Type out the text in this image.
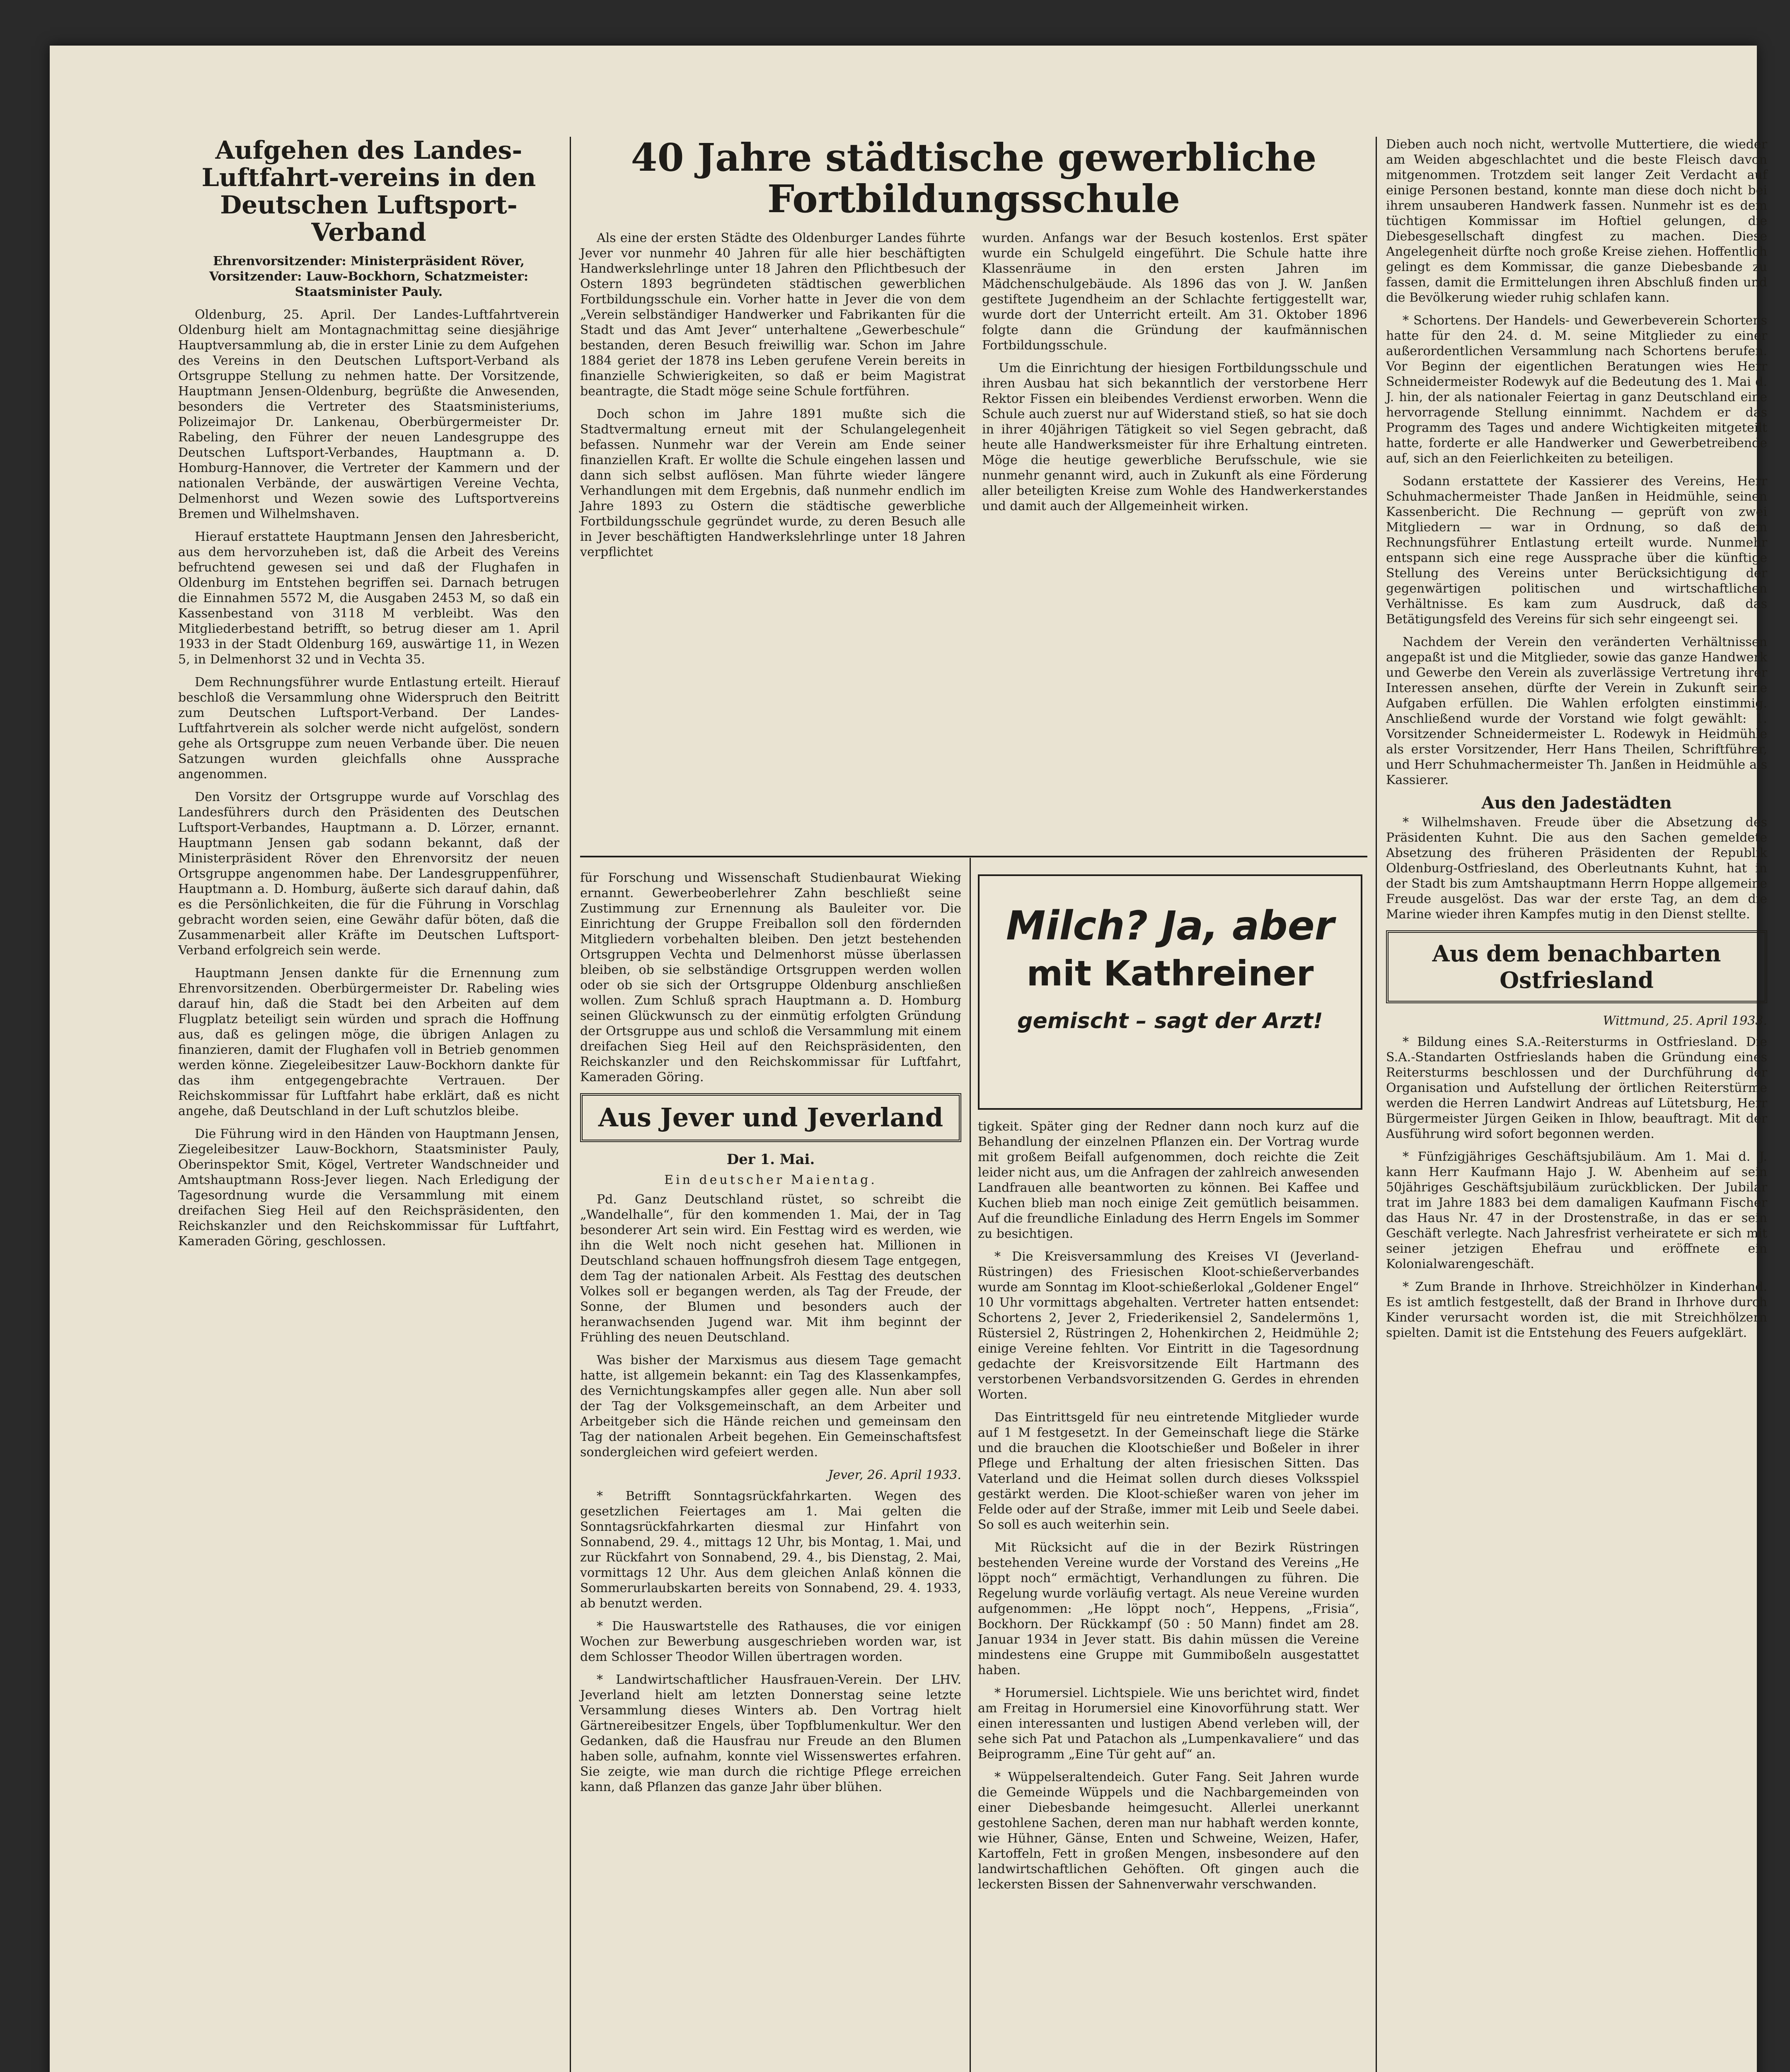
Aufgehen des Landes-Luftfahrt-vereins in den Deutschen Luftsport-Verband

Ehrenvorsitzender: Ministerpräsident Röver, Vorsitzender: Lauw-Bockhorn, Schatzmeister: Staatsminister Pauly.

Oldenburg, 25. April. Der Landes-Luftfahrtverein Oldenburg hielt am Montagnachmittag seine diesjährige Hauptversammlung ab, die in erster Linie zu dem Aufgehen des Vereins in den Deutschen Luftsport-Verband als Ortsgruppe Stellung zu nehmen hatte. Der Vorsitzende, Hauptmann Jensen-Oldenburg, begrüßte die Anwesenden, besonders die Vertreter des Staatsministeriums, Polizeimajor Dr. Lankenau, Oberbürgermeister Dr. Rabeling, den Führer der neuen Landesgruppe des Deutschen Luftsport-Verbandes, Hauptmann a. D. Homburg-Hannover, die Vertreter der Kammern und der nationalen Verbände, der auswärtigen Vereine Vechta, Delmenhorst und Wezen sowie des Luftsportvereins Bremen und Wilhelmshaven.

Hierauf erstattete Hauptmann Jensen den Jahresbericht, aus dem hervorzuheben ist, daß die Arbeit des Vereins befruchtend gewesen sei und daß der Flughafen in Oldenburg im Entstehen begriffen sei. Darnach betrugen die Einnahmen 5572 M, die Ausgaben 2453 M, so daß ein Kassenbestand von 3118 M verbleibt. Was den Mitgliederbestand betrifft, so betrug dieser am 1. April 1933 in der Stadt Oldenburg 169, auswärtige 11, in Wezen 5, in Delmenhorst 32 und in Vechta 35.

Dem Rechnungsführer wurde Entlastung erteilt. Hierauf beschloß die Versammlung ohne Widerspruch den Beitritt zum Deutschen Luftsport-Verband. Der Landes-Luftfahrtverein als solcher werde nicht aufgelöst, sondern gehe als Ortsgruppe zum neuen Verbande über. Die neuen Satzungen wurden gleichfalls ohne Aussprache angenommen.

Den Vorsitz der Ortsgruppe wurde auf Vorschlag des Landesführers durch den Präsidenten des Deutschen Luftsport-Verbandes, Hauptmann a. D. Lörzer, ernannt. Hauptmann Jensen gab sodann bekannt, daß der Ministerpräsident Röver den Ehrenvorsitz der neuen Ortsgruppe angenommen habe. Der Landesgruppenführer, Hauptmann a. D. Homburg, äußerte sich darauf dahin, daß es die Persönlichkeiten, die für die Führung in Vorschlag gebracht worden seien, eine Gewähr dafür böten, daß die Zusammenarbeit aller Kräfte im Deutschen Luftsport-Verband erfolgreich sein werde.

Hauptmann Jensen dankte für die Ernennung zum Ehrenvorsitzenden. Oberbürgermeister Dr. Rabeling wies darauf hin, daß die Stadt bei den Arbeiten auf dem Flugplatz beteiligt sein würden und sprach die Hoffnung aus, daß es gelingen möge, die übrigen Anlagen zu finanzieren, damit der Flughafen voll in Betrieb genommen werden könne. Ziegeleibesitzer Lauw-Bockhorn dankte für das ihm entgegengebrachte Vertrauen. Der Reichskommissar für Luftfahrt habe erklärt, daß es nicht angehe, daß Deutschland in der Luft schutzlos bleibe.

Die Führung wird in den Händen von Hauptmann Jensen, Ziegeleibesitzer Lauw-Bockhorn, Staatsminister Pauly, Oberinspektor Smit, Kögel, Vertreter Wandschneider und Amtshauptmann Ross-Jever liegen. Nach Erledigung der Tagesordnung wurde die Versammlung mit einem dreifachen Sieg Heil auf den Reichspräsidenten, den Reichskanzler und den Reichskommissar für Luftfahrt, Kameraden Göring, geschlossen.

40 Jahre städtische gewerbliche Fortbildungsschule

Als eine der ersten Städte des Oldenburger Landes führte Jever vor nunmehr 40 Jahren für alle hier beschäftigten Handwerkslehrlinge unter 18 Jahren den Pflichtbesuch der Ostern 1893 begründeten städtischen gewerblichen Fortbildungsschule ein. Vorher hatte in Jever die von dem „Verein selbständiger Handwerker und Fabrikanten für die Stadt und das Amt Jever“ unterhaltene „Gewerbeschule“ bestanden, deren Besuch freiwillig war. Schon im Jahre 1884 geriet der 1878 ins Leben gerufene Verein bereits in finanzielle Schwierigkeiten, so daß er beim Magistrat beantragte, die Stadt möge seine Schule fortführen.

Doch schon im Jahre 1891 mußte sich die Stadtvermaltung erneut mit der Schulangelegenheit befassen. Nunmehr war der Verein am Ende seiner finanziellen Kraft. Er wollte die Schule eingehen lassen und dann sich selbst auflösen. Man führte wieder längere Verhandlungen mit dem Ergebnis, daß nunmehr endlich im Jahre 1893 zu Ostern die städtische gewerbliche Fortbildungsschule gegründet wurde, zu deren Besuch alle in Jever beschäftigten Handwerkslehrlinge unter 18 Jahren verpflichtet

wurden. Anfangs war der Besuch kostenlos. Erst später wurde ein Schulgeld eingeführt. Die Schule hatte ihre Klassenräume in den ersten Jahren im Mädchenschulgebäude. Als 1896 das von J. W. Janßen gestiftete Jugendheim an der Schlachte fertiggestellt war, wurde dort der Unterricht erteilt. Am 31. Oktober 1896 folgte dann die Gründung der kaufmännischen Fortbildungsschule.

Um die Einrichtung der hiesigen Fortbildungsschule und ihren Ausbau hat sich bekanntlich der verstorbene Herr Rektor Fissen ein bleibendes Verdienst erworben. Wenn die Schule auch zuerst nur auf Widerstand stieß, so hat sie doch in ihrer 40jährigen Tätigkeit so viel Segen gebracht, daß heute alle Handwerksmeister für ihre Erhaltung eintreten. Möge die heutige gewerbliche Berufsschule, wie sie nunmehr genannt wird, auch in Zukunft als eine Förderung aller beteiligten Kreise zum Wohle des Handwerkerstandes und damit auch der Allgemeinheit wirken.

für Forschung und Wissenschaft Studienbaurat Wieking ernannt. Gewerbeoberlehrer Zahn beschließt seine Zustimmung zur Ernennung als Bauleiter vor. Die Einrichtung der Gruppe Freiballon soll den fördernden Mitgliedern vorbehalten bleiben. Den jetzt bestehenden Ortsgruppen Vechta und Delmenhorst müsse überlassen bleiben, ob sie selbständige Ortsgruppen werden wollen oder ob sie sich der Ortsgruppe Oldenburg anschließen wollen. Zum Schluß sprach Hauptmann a. D. Homburg seinen Glückwunsch zu der einmütig erfolgten Gründung der Ortsgruppe aus und schloß die Versammlung mit einem dreifachen Sieg Heil auf den Reichspräsidenten, den Reichskanzler und den Reichskommissar für Luftfahrt, Kameraden Göring.

Aus Jever und Jeverland
Der 1. Mai.
Ein deutscher Maientag.

Pd. Ganz Deutschland rüstet, so schreibt die „Wandelhalle“, für den kommenden 1. Mai, der in Tag besonderer Art sein wird. Ein Festtag wird es werden, wie ihn die Welt noch nicht gesehen hat. Millionen in Deutschland schauen hoffnungsfroh diesem Tage entgegen, dem Tag der nationalen Arbeit. Als Festtag des deutschen Volkes soll er begangen werden, als Tag der Freude, der Sonne, der Blumen und besonders auch der heranwachsenden Jugend war. Mit ihm beginnt der Frühling des neuen Deutschland.

Was bisher der Marxismus aus diesem Tage gemacht hatte, ist allgemein bekannt: ein Tag des Klassenkampfes, des Vernichtungskampfes aller gegen alle. Nun aber soll der Tag der Volksgemeinschaft, an dem Arbeiter und Arbeitgeber sich die Hände reichen und gemeinsam den Tag der nationalen Arbeit begehen. Ein Gemeinschaftsfest sondergleichen wird gefeiert werden.

Jever, 26. April 1933.

* Betrifft Sonntagsrückfahrkarten. Wegen des gesetzlichen Feiertages am 1. Mai gelten die Sonntagsrückfahrkarten diesmal zur Hinfahrt von Sonnabend, 29. 4., mittags 12 Uhr, bis Montag, 1. Mai, und zur Rückfahrt von Sonnabend, 29. 4., bis Dienstag, 2. Mai, vormittags 12 Uhr. Aus dem gleichen Anlaß können die Sommerurlaubskarten bereits von Sonnabend, 29. 4. 1933, ab benutzt werden.

* Die Hauswartstelle des Rathauses, die vor einigen Wochen zur Bewerbung ausgeschrieben worden war, ist dem Schlosser Theodor Willen übertragen worden.

* Landwirtschaftlicher Hausfrauen-Verein. Der LHV. Jeverland hielt am letzten Donnerstag seine letzte Versammlung dieses Winters ab. Den Vortrag hielt Gärtnereibesitzer Engels, über Topfblumenkultur. Wer den Gedanken, daß die Hausfrau nur Freude an den Blumen haben solle, aufnahm, konnte viel Wissenswertes erfahren. Sie zeigte, wie man durch die richtige Pflege erreichen kann, daß Pflanzen das ganze Jahr über blühen.

Milch? Ja, aber
mit Kathreiner
gemischt – sagt der Arzt!

tigkeit. Später ging der Redner dann noch kurz auf die Behandlung der einzelnen Pflanzen ein. Der Vortrag wurde mit großem Beifall aufgenommen, doch reichte die Zeit leider nicht aus, um die Anfragen der zahlreich anwesenden Landfrauen alle beantworten zu können. Bei Kaffee und Kuchen blieb man noch einige Zeit gemütlich beisammen. Auf die freundliche Einladung des Herrn Engels im Sommer zu besichtigen.

* Die Kreisversammlung des Kreises VI (Jeverland-Rüstringen) des Friesischen Kloot-schießerverbandes wurde am Sonntag im Kloot-schießerlokal „Goldener Engel“ 10 Uhr vormittags abgehalten. Vertreter hatten entsendet: Schortens 2, Jever 2, Friederikensiel 2, Sandelermöns 1, Rüstersiel 2, Rüstringen 2, Hohenkirchen 2, Heidmühle 2; einige Vereine fehlten. Vor Eintritt in die Tagesordnung gedachte der Kreisvorsitzende Eilt Hartmann des verstorbenen Verbandsvorsitzenden G. Gerdes in ehrenden Worten.

Das Eintrittsgeld für neu eintretende Mitglieder wurde auf 1 M festgesetzt. In der Gemeinschaft liege die Stärke und die brauchen die Klootschießer und Boßeler in ihrer Pflege und Erhaltung der alten friesischen Sitten. Das Vaterland und die Heimat sollen durch dieses Volksspiel gestärkt werden. Die Kloot-schießer waren von jeher im Felde oder auf der Straße, immer mit Leib und Seele dabei. So soll es auch weiterhin sein.

Mit Rücksicht auf die in der Bezirk Rüstringen bestehenden Vereine wurde der Vorstand des Vereins „He löppt noch“ ermächtigt, Verhandlungen zu führen. Die Regelung wurde vorläufig vertagt. Als neue Vereine wurden aufgenommen: „He löppt noch“, Heppens, „Frisia“, Bockhorn. Der Rückkampf (50 : 50 Mann) findet am 28. Januar 1934 in Jever statt. Bis dahin müssen die Vereine mindestens eine Gruppe mit Gummiboßeln ausgestattet haben.

* Horumersiel. Lichtspiele. Wie uns berichtet wird, findet am Freitag in Horumersiel eine Kinovorführung statt. Wer einen interessanten und lustigen Abend verleben will, der sehe sich Pat und Patachon als „Lumpenkavaliere“ und das Beiprogramm „Eine Tür geht auf“ an.

* Wüppelseraltendeich. Guter Fang. Seit Jahren wurde die Gemeinde Wüppels und die Nachbargemeinden von einer Diebesbande heimgesucht. Allerlei unerkannt gestohlene Sachen, deren man nur habhaft werden konnte, wie Hühner, Gänse, Enten und Schweine, Weizen, Hafer, Kartoffeln, Fett in großen Mengen, insbesondere auf den landwirtschaftlichen Gehöften. Oft gingen auch die leckersten Bissen der Sahnenverwahr verschwanden.

Dieben auch noch nicht, wertvolle Muttertiere, die wieder am Weiden abgeschlachtet und die beste Fleisch davon mitgenommen. Trotzdem seit langer Zeit Verdacht auf einige Personen bestand, konnte man diese doch nicht bei ihrem unsauberen Handwerk fassen. Nunmehr ist es dem tüchtigen Kommissar im Hoftiel gelungen, die Diebesgesellschaft dingfest zu machen. Diese Angelegenheit dürfte noch große Kreise ziehen. Hoffentlich gelingt es dem Kommissar, die ganze Diebesbande zu fassen, damit die Ermittelungen ihren Abschluß finden und die Bevölkerung wieder ruhig schlafen kann.

* Schortens. Der Handels- und Gewerbeverein Schortens hatte für den 24. d. M. seine Mitglieder zu einer außerordentlichen Versammlung nach Schortens berufen. Vor Beginn der eigentlichen Beratungen wies Herr Schneidermeister Rodewyk auf die Bedeutung des 1. Mai d. J. hin, der als nationaler Feiertag in ganz Deutschland eine hervorragende Stellung einnimmt. Nachdem er das Programm des Tages und andere Wichtigkeiten mitgeteilt hatte, forderte er alle Handwerker und Gewerbetreibende auf, sich an den Feierlichkeiten zu beteiligen.

Sodann erstattete der Kassierer des Vereins, Herr Schuhmachermeister Thade Janßen in Heidmühle, seinen Kassenbericht. Die Rechnung — geprüft von zwei Mitgliedern — war in Ordnung, so daß dem Rechnungsführer Entlastung erteilt wurde. Nunmehr entspann sich eine rege Aussprache über die künftige Stellung des Vereins unter Berücksichtigung der gegenwärtigen politischen und wirtschaftlichen Verhältnisse. Es kam zum Ausdruck, daß das Betätigungsfeld des Vereins für sich sehr eingeengt sei.

Nachdem der Verein den veränderten Verhältnissen angepaßt ist und die Mitglieder, sowie das ganze Handwerk und Gewerbe den Verein als zuverlässige Vertretung ihrer Interessen ansehen, dürfte der Verein in Zukunft seine Aufgaben erfüllen. Die Wahlen erfolgten einstimmig. Anschließend wurde der Vorstand wie folgt gewählt: 1. Vorsitzender Schneidermeister L. Rodewyk in Heidmühle als erster Vorsitzender, Herr Hans Theilen, Schriftführer, und Herr Schuhmachermeister Th. Janßen in Heidmühle als Kassierer.

Aus den Jadestädten

* Wilhelmshaven. Freude über die Absetzung des Präsidenten Kuhnt. Die aus den Sachen gemeldete Absetzung des früheren Präsidenten der Republik Oldenburg-Ostfriesland, des Oberleutnants Kuhnt, hat in der Stadt bis zum Amtshauptmann Herrn Hoppe allgemeine Freude ausgelöst. Das war der erste Tag, an dem die Marine wieder ihren Kampfes mutig in den Dienst stellte.

Aus dem benachbarten Ostfriesland
Wittmund, 25. April 1933.

* Bildung eines S.A.-Reitersturms in Ostfriesland. Die S.A.-Standarten Ostfrieslands haben die Gründung eines Reitersturms beschlossen und der Durchführung der Organisation und Aufstellung der örtlichen Reiterstürme werden die Herren Landwirt Andreas auf Lütetsburg, Herr Bürgermeister Jürgen Geiken in Ihlow, beauftragt. Mit der Ausführung wird sofort begonnen werden.

* Fünfzigjähriges Geschäftsjubiläum. Am 1. Mai d. J. kann Herr Kaufmann Hajo J. W. Abenheim auf sein 50jähriges Geschäftsjubiläum zurückblicken. Der Jubilar trat im Jahre 1883 bei dem damaligen Kaufmann Fischer das Haus Nr. 47 in der Drostenstraße, in das er sein Geschäft verlegte. Nach Jahresfrist verheiratete er sich mit seiner jetzigen Ehefrau und eröffnete ein Kolonialwarengeschäft.

* Zum Brande in Ihrhove. Streichhölzer in Kinderhand. Es ist amtlich festgestellt, daß der Brand in Ihrhove durch Kinder verursacht worden ist, die mit Streichhölzern spielten. Damit ist die Entstehung des Feuers aufgeklärt.
